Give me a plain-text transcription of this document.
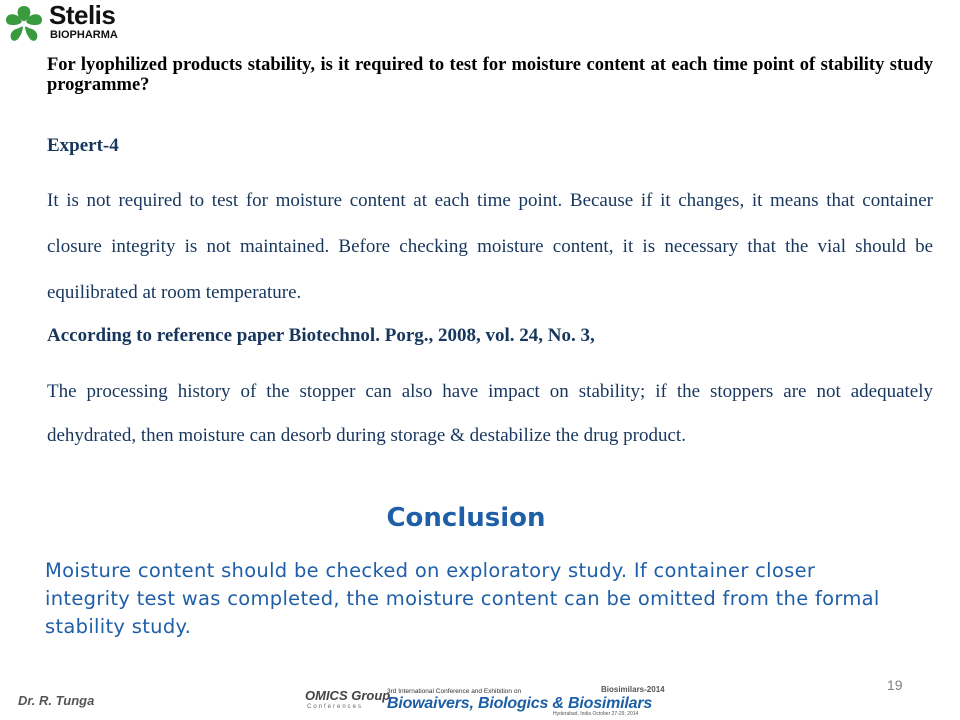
Stelis
BIOPHARMA
For lyophilized products stability, is it required to test for moisture content at each time point of stability study programme?
Expert-4
It is not required to test for moisture content at each time point. Because if it changes, it means that container closure integrity is not maintained. Before checking moisture content, it is necessary that the vial should be equilibrated at room temperature.
According to reference paper Biotechnol. Porg., 2008, vol. 24, No. 3,
The processing history of the stopper can also have impact on stability; if the stoppers are not adequately dehydrated, then moisture can desorb during storage & destabilize the drug product.
Conclusion
Moisture content should be checked on exploratory study. If container closer integrity test was completed, the moisture content can be omitted from the formal stability study.
19
Dr. R. Tunga	OMICS Group
Conferences
3rd International Conference and Exhibition on	Biosimilars-2014
Biowaivers, Biologics & Biosimilars
Hyderabad, India October 27-29, 2014
